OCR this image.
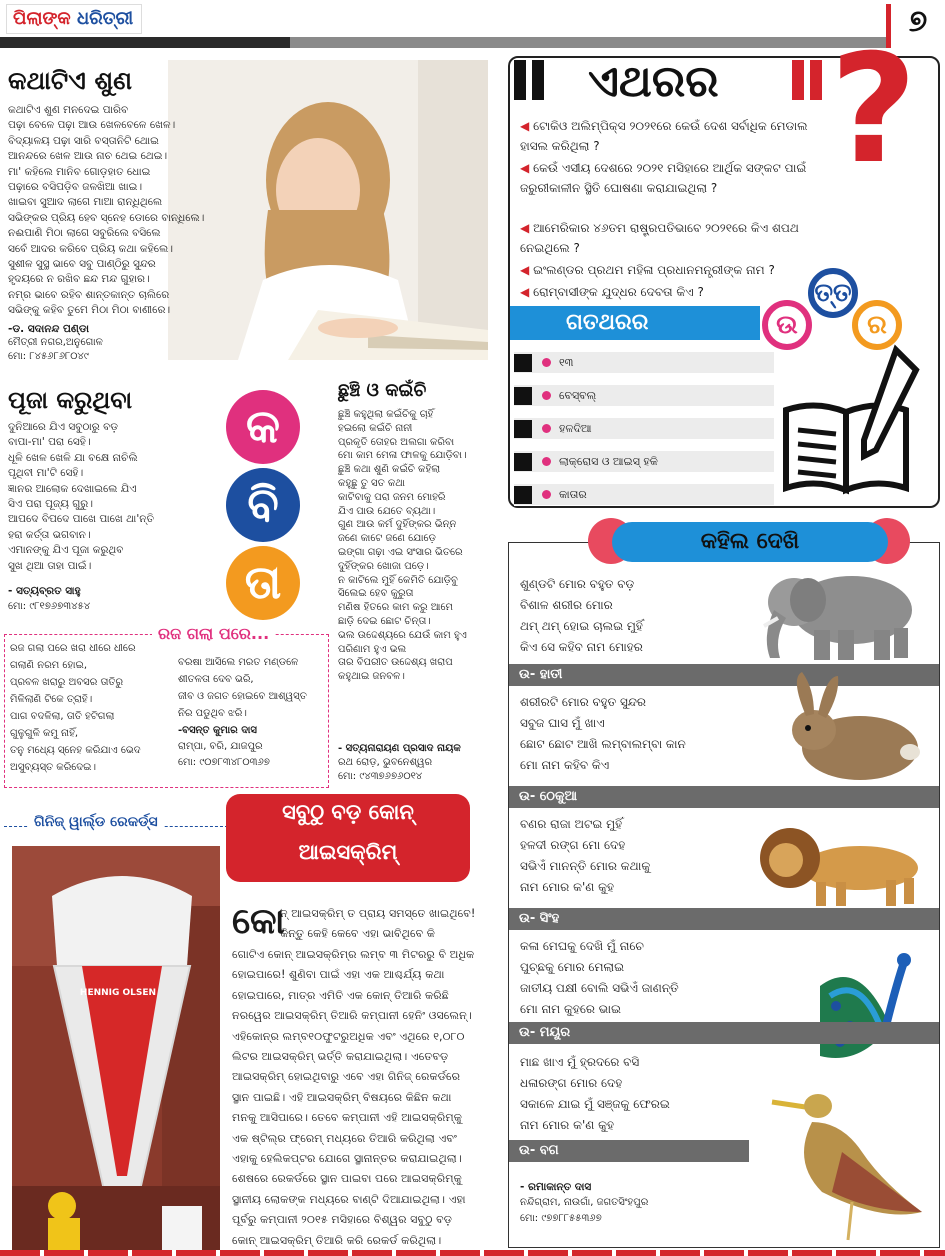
ପିଲାଙ୍କ ଧରିତ୍ରୀ	୭
କଥାଟିଏ ଶୁଣ
କଥାଟିଏ ଶୁଣ ମନଦେଇ ପାରିବ
ପଢ଼ା ବେଳେ ପଢ଼ା ଆଉ ଖେଳବେଳେ ଖେଳ।
ବିଦ୍ୟାଳୟ ପଢ଼ା ସାରି ବସ୍ତାନିଟି ଥୋଇ
ଆନନ୍ଦରେ ଖେଳ ଆଉ ନାଚ ଥେଇ ଥେଇ।
ମା' କହିଲେ ମାନିବ ଗୋଡ଼ହାତ ଧୋଇ
ପଢ଼ାରେ ବସିପଡ଼ିବ ଜଳଖିଆ ଖାଇ।
ଖାଇବା ସୁଆଦ ଲାଗେ ମାଆ ରାନ୍ଧିଥିଲେ
ସଭିଙ୍କର ପ୍ରିୟ ହେବ ସ୍ନେହ ଡୋରେ ବାନ୍ଧିଲେ।
ନଈପାଣି ମିଠା ଲାଗେ ସବୁରିଲେ ବସିଲେ
ସବେଁ ଆଦର କରିବେ ପ୍ରିୟ କଥା କହିଲେ।
ସୁଶୀଳ ସୁସ୍ଥ ଭାବେ ସବୁ ପାଣ୍ଠିରୁ ସୁନ୍ଦର
ହୃଦୟରେ ନ ରଖିବ ଛନ୍ଦ ମନ୍ଦ ଗୁହାର।
ନମ୍ର ଭାବେ ରହିବ ଶାନ୍ତକାନ୍ତ ଚାଲିରେ
ସଭିଙ୍କୁ କହିବ ତୁମେ ମିଠା ମିଠା ବାଣୀରେ।
-ଡ. ସଦାନନ୍ଦ ପଣ୍ଡା
ମୈତ୍ରୀ ନଗର,ଅନୁଗୋଳ
ମୋ: ୮୪୫୬୮୬୮୦୪୯
ପୂଜା କରୁଥିବା
ଦୁନିଆରେ ଯିଏ ସବୁଠାରୁ ବଡ଼
ବାପା-ମା' ପରା ସେହି।
ଧୂଳି ଖେଳ ଖେଳି ଯା ବକ୍ଷେ ନାଚିଲି
ପୃଥିବୀ ମା'ଟି ସେହି।
ଜ୍ଞାନର ଆଲୋକ ଦେଖାଇଲେ ଯିଏ
ସିଏ ପରା ପୂଜ୍ୟ ଗୁରୁ।
ଆପଦେ ବିପଦେ ପାଖେ ପାଖେ ଥା'ନ୍ତି
ହରା କର୍ତ୍ତା ଭଗବାନ।
ଏମାନଙ୍କୁ ଯିଏ ପୂଜା କରୁଥିବ
ସୁଖ ଥିଆ ତାହା ପାଇଁ।
- ସତ୍ୟବ୍ରତ ସାହୁ
ମୋ: ୯୮୧୭୬୭୩୪୫୪
କ
ବି
ତା
ଛୁଞ୍ଚି ଓ କଇଁଚି
ଛୁଞ୍ଚି କହୁଥିଲା କଇଁଚିକୁ ଚାହିଁ
ହଇଲୋ କଇଁଚି ନାନୀ
ପ୍ରକୃତି ତୋହର ଅଲଗା କରିବା
ମୋ କାମ ମେଳା ଫାଳକୁ ଯୋଡ଼ିବା।
ଛୁଞ୍ଚି କଥା ଶୁଣି କଇଁଚି କହିଲା
କହୁଛୁ ତୁ ସତ କଥା
କାଟିବାକୁ ପରା ଜନମ ମୋହରି
ଯିଏ ପାଉ ଯେତେ ବ୍ୟଥା।
ଗୁଣ ଆଉ କର୍ମ ଦୁହିଁଙ୍କର ଭିନ୍ନ
ଜଣେ କାଟେ ଜଣେ ଯୋଡ଼େ
ଇଙ୍ଗା ଗଢ଼ା ଏଇ ସଂସାର ଭିତରେ
ଦୁହିଁଙ୍କର ଖୋଜା ପଡ଼େ।
ନ କାଟିଲେ ମୁହିଁ କେମିତି ଯୋଡ଼ିବୁ
ସିଲେଇ ହେବ କୁରୁତା
ମଣିଷ ହିତରେ କାମ କରୁ ଆମେ
ଛାଡ଼ି ଦେଇ ଛୋଟ ଚିନ୍ତା।
ଭଲ ଉଦ୍ଦେଶ୍ୟରେ ଯେଉଁ କାମ ହୁଏ
ପରିଣାମ ହୁଏ ଭଲ
ତାର ବିପରୀତ ଉଦ୍ଦେଶ୍ୟ ଖରାପ
କହୁଥାଇ ଜନବଳ।
- ସତ୍ୟନାରାୟଣ ପ୍ରସାଦ ନାୟକ
ରଥ ରୋଡ଼, ଭୁବନେଶ୍ୱର
ମୋ: ୯୪୩୭୬୭୬୦୧୪
ରଜ ଗଲା ପରେ...
ରଜ ଗଲା ପରେ ଖରା ଧୀରେ ଧୀରେ
ଗଲାଣି ନରମ ହୋଇ,
ପ୍ରବଳ ଖରାରୁ ଅବସର ତାତିରୁ
ମିଳିଲାଣି ଟିକେ ତ୍ରାହି।
ପାଗ ବଦଳିଲା, ତାତି ହଟିଗଲା
ଗୁଳୁଗୁଳି କମୁ ନାହିଁ,
ତନୁ ମଧ୍ୟେ ସ୍ନେହ କରିଯାଏ ଭେଦ
ଅସୁବ୍ୟସ୍ତ କରିଦେଇ।
ବରଷା ଆସିଲେ ମରତ ମଣ୍ଡଳେ
ଶୀତଳତା ଦେବ ଭରି,
ଜୀବ ଓ ଜଗତ ହୋଇବେ ଆଶ୍ୱସ୍ତ
ନିର ପଡୁଥିବ ଝରି।
-ବସନ୍ତ କୁମାର ଦାସ
ରାମ୍ପା, ବରି, ଯାଜପୁର
ମୋ: ୯୦୭୮୩୪୮୦୩୬୭
ଗିନିଜ୍ ୱାର୍ଲ୍ଡ ରେକର୍ଡ୍ସ
HENNIG OLSEN
ସବୁଠୁ ବଡ଼ କୋନ୍
ଆଇସକ୍ରିମ୍
କୋ
ନ୍ ଆଇସକ୍ରିମ୍ ତ ପ୍ରାୟ ସମସ୍ତେ ଖାଇଥିବେ!
କିନ୍ତୁ କେହି କେବେ ଏହା ଭାବିଥିବେ କି
ଗୋଟିଏ କୋନ୍ ଆଇସକ୍ରିମ୍‌ର ଲମ୍ବ ୩ ମିଟରରୁ ବି ଅଧିକ
ହୋଇପାରେ! ଶୁଣିବା ପାଇଁ ଏହା ଏକ ଆଶ୍ଚର୍ଯ୍ୟ କଥା
ହୋଇପାରେ, ମାତ୍ର ଏମିତି ଏକ କୋନ୍ ତିଆରି କରିଛି
ନରୱେର ଆଇସକ୍ରିମ୍ ତିଆରି କମ୍ପାନୀ ହେନିଂ ଓସଲେନ୍।
ଏହିକୋନ୍‌ର ଲମ୍ବ୧୦ଫୁଟରୁଅଧିକ ଏବଂ ଏଥିରେ ୧,୦୮୦
ଲିଟର ଆଇସକ୍ରିମ୍ ଭର୍ତ୍ତି କରାଯାଇଥିଲା। ଏତେବଡ଼
ଆଇସକ୍ରିମ୍ ହୋଇଥିବାରୁ ଏବେ ଏହା ଗିନିଜ୍ ରେକର୍ଡରେ
ସ୍ଥାନ ପାଇଛି। ଏହି ଆଇସକ୍ରିମ୍ ବିଷୟରେ କିଛିନ କଥା
ମନକୁ ଆସିପାରେ। ତେବେ କମ୍ପାନୀ ଏହି ଆଇସକ୍ରିମ୍‌କୁ
ଏକ ଷ୍ଟିଲ୍‌ର ଫ୍ରେମ୍ ମଧ୍ୟରେ ତିଆରି କରିଥିଲା ଏବଂ
ଏହାକୁ ହେଲିକପ୍ଟର ଯୋଗେ ସ୍ଥାନାନ୍ତର କରାଯାଇଥିଲା।
ଶେଷରେ ରେକର୍ଡରେ ସ୍ଥାନ ପାଇବା ପରେ ଆଇସକ୍ରିମ୍‌କୁ
ସ୍ଥାନୀୟ ଲୋକଙ୍କ ମଧ୍ୟରେ ବାଣ୍ଟି ଦିଆଯାଇଥିଲା। ଏହା
ପୂର୍ବରୁ କମ୍ପାନୀ ୨୦୧୫ ମସିହାରେ ବିଶ୍ୱର ସବୁଠୁ ବଡ଼
କୋନ୍ ଆଇସକ୍ରିମ୍ ତିଆରି କରି ରେକର୍ଡ କରିଥିଲା।
ଏଥରର ?
◀ ଟୋକିଓ ଅଲିମ୍ପିକ୍ସ ୨୦୨୧ରେ କେଉଁ ଦେଶ ସର୍ବାଧିକ ମେଡାଲ ହାସଲ କରିଥିଲା ?
◀ କେଉଁ ଏସୀୟ ଦେଶରେ ୨୦୨୧ ମସିହାରେ ଆର୍ଥିକ ସଙ୍କଟ ପାଇଁ ଜରୁରୀକାଳୀନ ସ୍ଥିତି ଘୋଷଣା କରାଯାଇଥିଲା ?
◀ ଆମେରିକାର ୪୬ତମ ରାଷ୍ଟ୍ରପତିଭାବେ ୨୦୨୧ରେ କିଏ ଶପଥ ନେଇଥିଲେ ?
◀ ଇଂଲଣ୍ଡର ପ୍ରଥମ ମହିଳା ପ୍ରଧାନମନ୍ତ୍ରୀଙ୍କ ନାମ ?
◀ ରୋମ୍‌ବାସୀଙ୍କ ଯୁଦ୍ଧର ଦେବତା କିଏ ?
ଗତଥରର	ଉ
ତ୍ତ
ର
୧୩
ବେସ୍‌ବଲ୍
ହଳଦିଆ
ଲାକ୍ରୋସ ଓ ଆଇସ୍ ହକି
କାତାର
କହିଲ ଦେଖି
ଶୁଣ୍ଡଟି ମୋର ବହୁତ ବଡ଼
ବିଶାଳ ଶରୀର ମୋର
ଥମ୍ ଥମ୍ ହୋଇ ଚାଲଇ ମୁହିଁ
କିଏ ସେ କହିବ ନାମ ମୋହର
ଉ- ହାତୀ
ଶରୀରଟି ମୋର ବହୁତ ସୁନ୍ଦର
ସବୁଜ ଘାସ ମୁଁ ଖାଏ
ଛୋଟ ଛୋଟ ଆଖି ଲମ୍ବାଲମ୍ବା କାନ
ମୋ ନାମ କହିବ କିଏ
ଉ- ଠେକୁଆ
ବଣର ରାଜା ଅଟଇ ମୁହିଁ
ହଳଦୀ ରଙ୍ଗ ମୋ ଦେହ
ସଭିଏଁ ମାନନ୍ତି ମୋର କଥାକୁ
ନାମ ମୋର କ'ଣ କୁହ
ଉ- ସିଂହ
କଳା ମେଘକୁ ଦେଖି ମୁଁ ନାଚେ
ପୁଚ୍ଛକୁ ମୋର ମେଲାଇ
ଜାତୀୟ ପକ୍ଷୀ ବୋଲି ସଭିଏଁ ଜାଣନ୍ତି
ମୋ ନାମ କୁହରେ ଭାଇ
ଉ- ମୟୂର
ମାଛ ଖାଏ ମୁଁ ହ୍ରଦରେ ବସି
ଧଳାରଙ୍ଗ ମୋର ଦେହ
ସକାଳେ ଯାଇ ମୁଁ ସଞ୍ଜକୁ ଫେରଇ
ନାମ ମୋର କ'ଣ କୁହ
ଉ- ବଗ
- ରମାକାନ୍ତ ଦାସ
ନନ୍ଦିଗ୍ରାମ, ନାଉଗାଁ, ଜଗତସିଂହପୁର
ମୋ: ୯୭୭୮୮୫୫୩୬୭
